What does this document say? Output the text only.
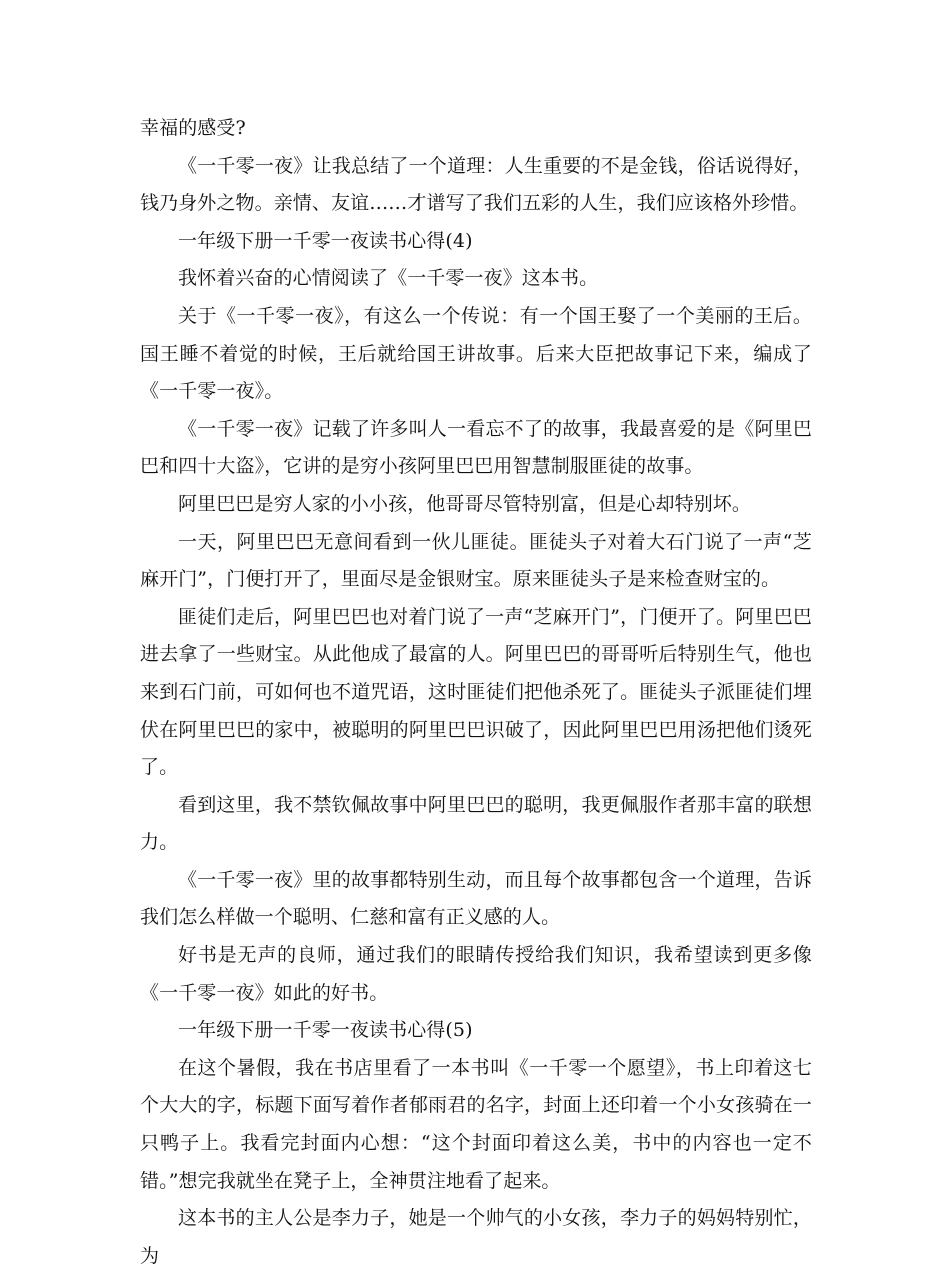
幸福的感受?

《一千零一夜》让我总结了一个道理：人生重要的不是金钱，俗话说得好，钱乃身外之物。亲情、友谊……才谱写了我们五彩的人生，我们应该格外珍惜。

一年级下册一千零一夜读书心得(4)

我怀着兴奋的心情阅读了《一千零一夜》这本书。

关于《一千零一夜》，有这么一个传说：有一个国王娶了一个美丽的王后。国王睡不着觉的时候，王后就给国王讲故事。后来大臣把故事记下来，编成了《一千零一夜》。

《一千零一夜》记载了许多叫人一看忘不了的故事，我最喜爱的是《阿里巴巴和四十大盗》，它讲的是穷小孩阿里巴巴用智慧制服匪徒的故事。

阿里巴巴是穷人家的小小孩，他哥哥尽管特别富，但是心却特别坏。

一天，阿里巴巴无意间看到一伙儿匪徒。匪徒头子对着大石门说了一声“芝麻开门”，门便打开了，里面尽是金银财宝。原来匪徒头子是来检查财宝的。

匪徒们走后，阿里巴巴也对着门说了一声“芝麻开门”，门便开了。阿里巴巴进去拿了一些财宝。从此他成了最富的人。阿里巴巴的哥哥听后特别生气，他也来到石门前，可如何也不道咒语，这时匪徒们把他杀死了。匪徒头子派匪徒们埋伏在阿里巴巴的家中，被聪明的阿里巴巴识破了，因此阿里巴巴用汤把他们烫死了。

看到这里，我不禁钦佩故事中阿里巴巴的聪明，我更佩服作者那丰富的联想力。

《一千零一夜》里的故事都特别生动，而且每个故事都包含一个道理，告诉我们怎么样做一个聪明、仁慈和富有正义感的人。

好书是无声的良师，通过我们的眼睛传授给我们知识，我希望读到更多像《一千零一夜》如此的好书。

一年级下册一千零一夜读书心得(5)

在这个暑假，我在书店里看了一本书叫《一千零一个愿望》，书上印着这七个大大的字，标题下面写着作者郁雨君的名字，封面上还印着一个小女孩骑在一只鸭子上。我看完封面内心想：“这个封面印着这么美，书中的内容也一定不错。”想完我就坐在凳子上，全神贯注地看了起来。

这本书的主人公是李力子，她是一个帅气的小女孩，李力子的妈妈特别忙，为
